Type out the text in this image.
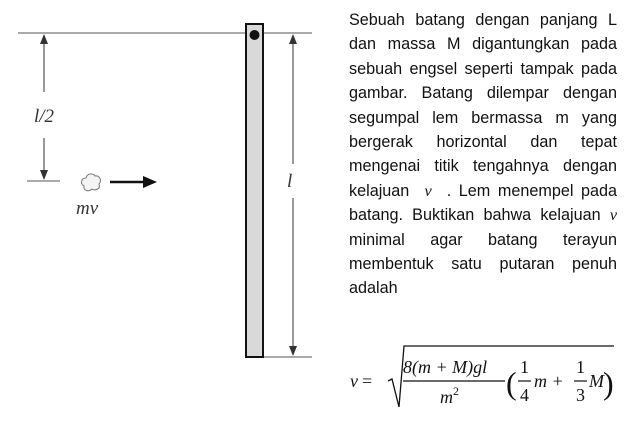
l/2
l
mv
Sebuah batang dengan panjang L dan massa M digantungkan pada sebuah engsel seperti tampak pada gambar. Batang dilempar dengan segumpal lem bermassa m yang bergerak horizontal dan tepat mengenai titik tengahnya dengan kelajuan v . Lem menempel pada batang. Buktikan bahwa kelajuan v minimal agar batang terayun membentuk satu putaran penuh adalah
v =
8(m + M)gl
$m^2$ (	)
1
4
m +
1
3
M
